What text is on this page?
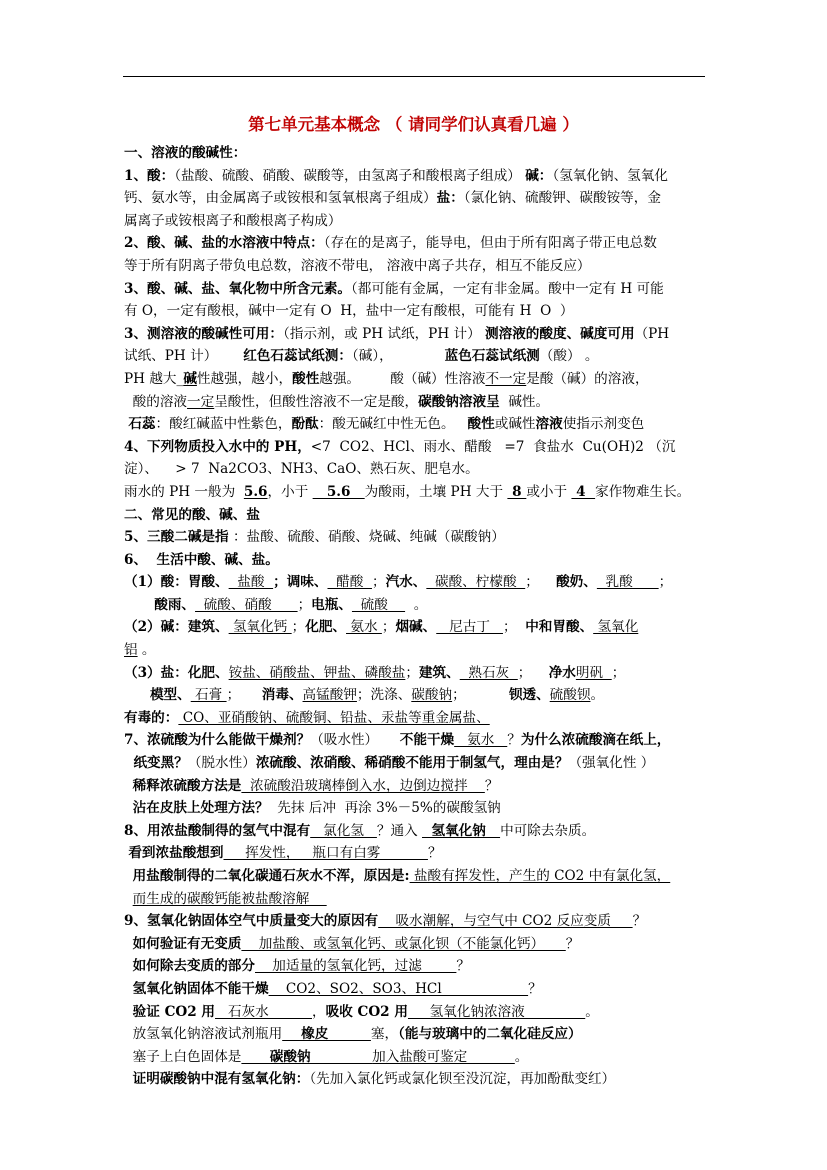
第七单元基本概念 （ 请同学们认真看几遍 ）
一、溶液的酸碱性：
1、酸：（盐酸、硫酸、硝酸、碳酸等，由氢离子和酸根离子组成） 碱：（氢氧化钠、氢氧化
钙、氨水等，由金属离子或铵根和氢氧根离子组成）盐：（氯化钠、硫酸钾、碳酸铵等，金
属离子或铵根离子和酸根离子构成）
2、酸、碱、盐的水溶液中特点：（存在的是离子，能导电，但由于所有阳离子带正电总数
等于所有阴离子带负电总数，溶液不带电， 溶液中离子共存，相互不能反应）
3、酸、碱、盐、氧化物中所含元素。（都可能有金属，一定有非金属。酸中一定有 H 可能
有 O，一定有酸根，碱中一定有 O  H，盐中一定有酸根，可能有 H  O  ）
3、测溶液的酸碱性可用：（指示剂，或 PH 试纸，PH 计） 测溶液的酸度、碱度可用（PH
试纸、PH 计）      红色石蕊试纸测：（碱），            蓝色石蕊试纸测（酸） 。
PH 越大_碱性越强，越小，酸性越强。       酸（碱）性溶液不一定是酸（碱）的溶液，
酸的溶液一定呈酸性，但酸性溶液不一定是酸，碳酸钠溶液呈  碱性。
石蕊：酸红碱蓝中性紫色，酚酞：酸无碱红中性无色。   酸性或碱性溶液使指示剂变色
4、下列物质投入水中的 PH，<7  CO2、HCl、雨水、醋酸   =7  食盐水  Cu(OH)2 （沉
淀）、    > 7  Na2CO3、NH3、CaO、熟石灰、肥皂水。
雨水的 PH 一般为  5.6，小于    5.6   为酸雨，土壤 PH 大于  8 或小于  4  家作物难生长。
二、常见的酸、碱、盐
5、三酸二碱是指 ：盐酸、硫酸、硝酸、烧碱、纯碱（碳酸钠）
6、  生活中酸、碱、盐。
（1）酸：胃酸、  盐酸  ；调味、  醋酸  ；汽水、  碳酸、柠檬酸  ；    酸奶、  乳酸      ；
酸雨、  硫酸、硝酸      ；电瓶、  硫酸      。
（2）碱：建筑、 氢氧化钙 ；化肥、 氨水 ；烟碱、   尼古丁   ；  中和胃酸、 氢氧化
铝 。
（3）盐：化肥、铵盐、硝酸盐、钾盐、磷酸盐；建筑、  熟石灰  ；    净水明矾  ；
模型、 石膏 ；     消毒、高锰酸钾；洗涤、碳酸钠；          钡透、硫酸钡。
有毒的： CO、亚硝酸钠、硫酸铜、铅盐、汞盐等重金属盐、
7、浓硫酸为什么能做干燥剂？（吸水性）     不能干燥   氨水   ？为什么浓硫酸滴在纸上，
纸变黑？（脱水性）浓硫酸、浓硝酸、稀硝酸不能用于制氢气，理由是？（强氧化性 ）
稀释浓硫酸方法是  浓硫酸沿玻璃棒倒入水，边倒边搅拌    ？
沾在皮肤上处理方法？  先抹 后冲  再涂 3%－5%的碳酸氢钠
8、用浓盐酸制得的氢气中混有   氯化氢   ？通入   氢氧化钠   中可除去杂质。
看到浓盐酸想到     挥发性，   瓶口有白雾           ？
用盐酸制得的二氧化碳通石灰水不浑，原因是: 盐酸有挥发性，产生的 CO2 中有氯化氢，
而生成的碳酸钙能被盐酸溶解
9、氢氧化钠固体空气中质量变大的原因有    吸水潮解，与空气中 CO2 反应变质     ？
如何验证有无变质    加盐酸、或氢氧化钙、或氯化钡（不能氯化钙）     ？
如何除去变质的部分    加适量的氢氧化钙，过滤        ？
氢氧化钠固体不能干燥    CO2、SO2、SO3、HCl                    ？
验证 CO2 用   石灰水          ，吸收 CO2 用     氢氧化钠浓溶液              。
放氢氧化钠溶液试剂瓶用    橡皮         塞，（能与玻璃中的二氧化硅反应）
塞子上白色固体是      碳酸钠             加入盐酸可鉴定           。
证明碳酸钠中混有氢氧化钠：（先加入氯化钙或氯化钡至没沉淀，再加酚酞变红）
